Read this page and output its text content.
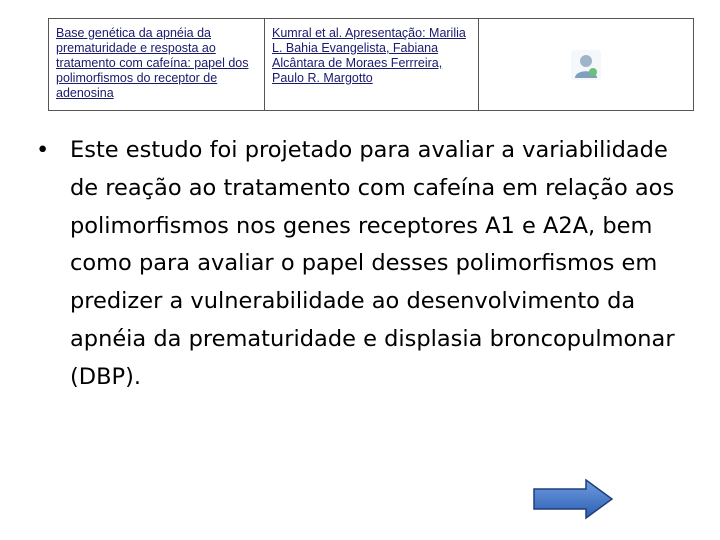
Base genética da apnéia da prematuridade e resposta ao tratamento com cafeína: papel dos polimorfismos do receptor de adenosina
Kumral et al. Apresentação: Marilia L. Bahia Evangelista, Fabiana Alcântara de Moraes Ferrreira, Paulo R. Margotto
• Este estudo foi projetado para avaliar a variabilidade de reação ao tratamento com cafeína em relação aos polimorfismos nos genes receptores A1 e A2A, bem como para avaliar o papel desses polimorfismos em predizer a vulnerabilidade ao desenvolvimento da apnéia da prematuridade e displasia broncopulmonar (DBP).
